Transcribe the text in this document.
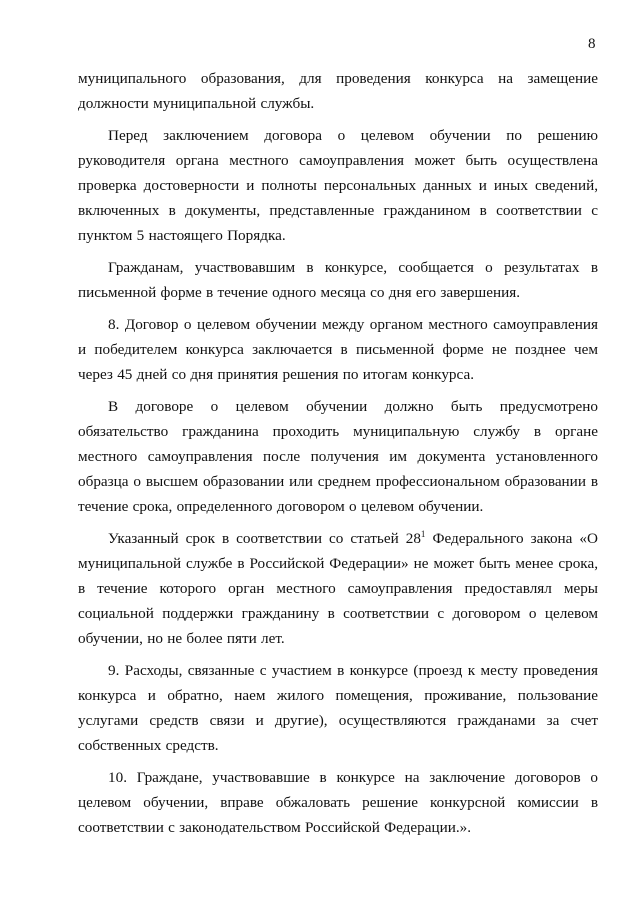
8

муниципального образования, для проведения конкурса на замещение должности муниципальной службы.

Перед заключением договора о целевом обучении по решению руководителя органа местного самоуправления может быть осуществлена проверка достоверности и полноты персональных данных и иных сведений, включенных в документы, представленные гражданином в соответствии с пунктом 5 настоящего Порядка.

Гражданам, участвовавшим в конкурсе, сообщается о результатах в письменной форме в течение одного месяца со дня его завершения.

8. Договор о целевом обучении между органом местного самоуправления и победителем конкурса заключается в письменной форме не позднее чем через 45 дней со дня принятия решения по итогам конкурса.

В договоре о целевом обучении должно быть предусмотрено обязательство гражданина проходить муниципальную службу в органе местного самоуправления после получения им документа установленного образца о высшем образовании или среднем профессиональном образовании в течение срока, определенного договором о целевом обучении.

Указанный срок в соответствии со статьей $28^1$ Федерального закона «О муниципальной службе в Российской Федерации» не может быть менее срока, в течение которого орган местного самоуправления предоставлял меры социальной поддержки гражданину в соответствии с договором о целевом обучении, но не более пяти лет.

9. Расходы, связанные с участием в конкурсе (проезд к месту проведения конкурса и обратно, наем жилого помещения, проживание, пользование услугами средств связи и другие), осуществляются гражданами за счет собственных средств.

10. Граждане, участвовавшие в конкурсе на заключение договоров о целевом обучении, вправе обжаловать решение конкурсной комиссии в соответствии с законодательством Российской Федерации.».
